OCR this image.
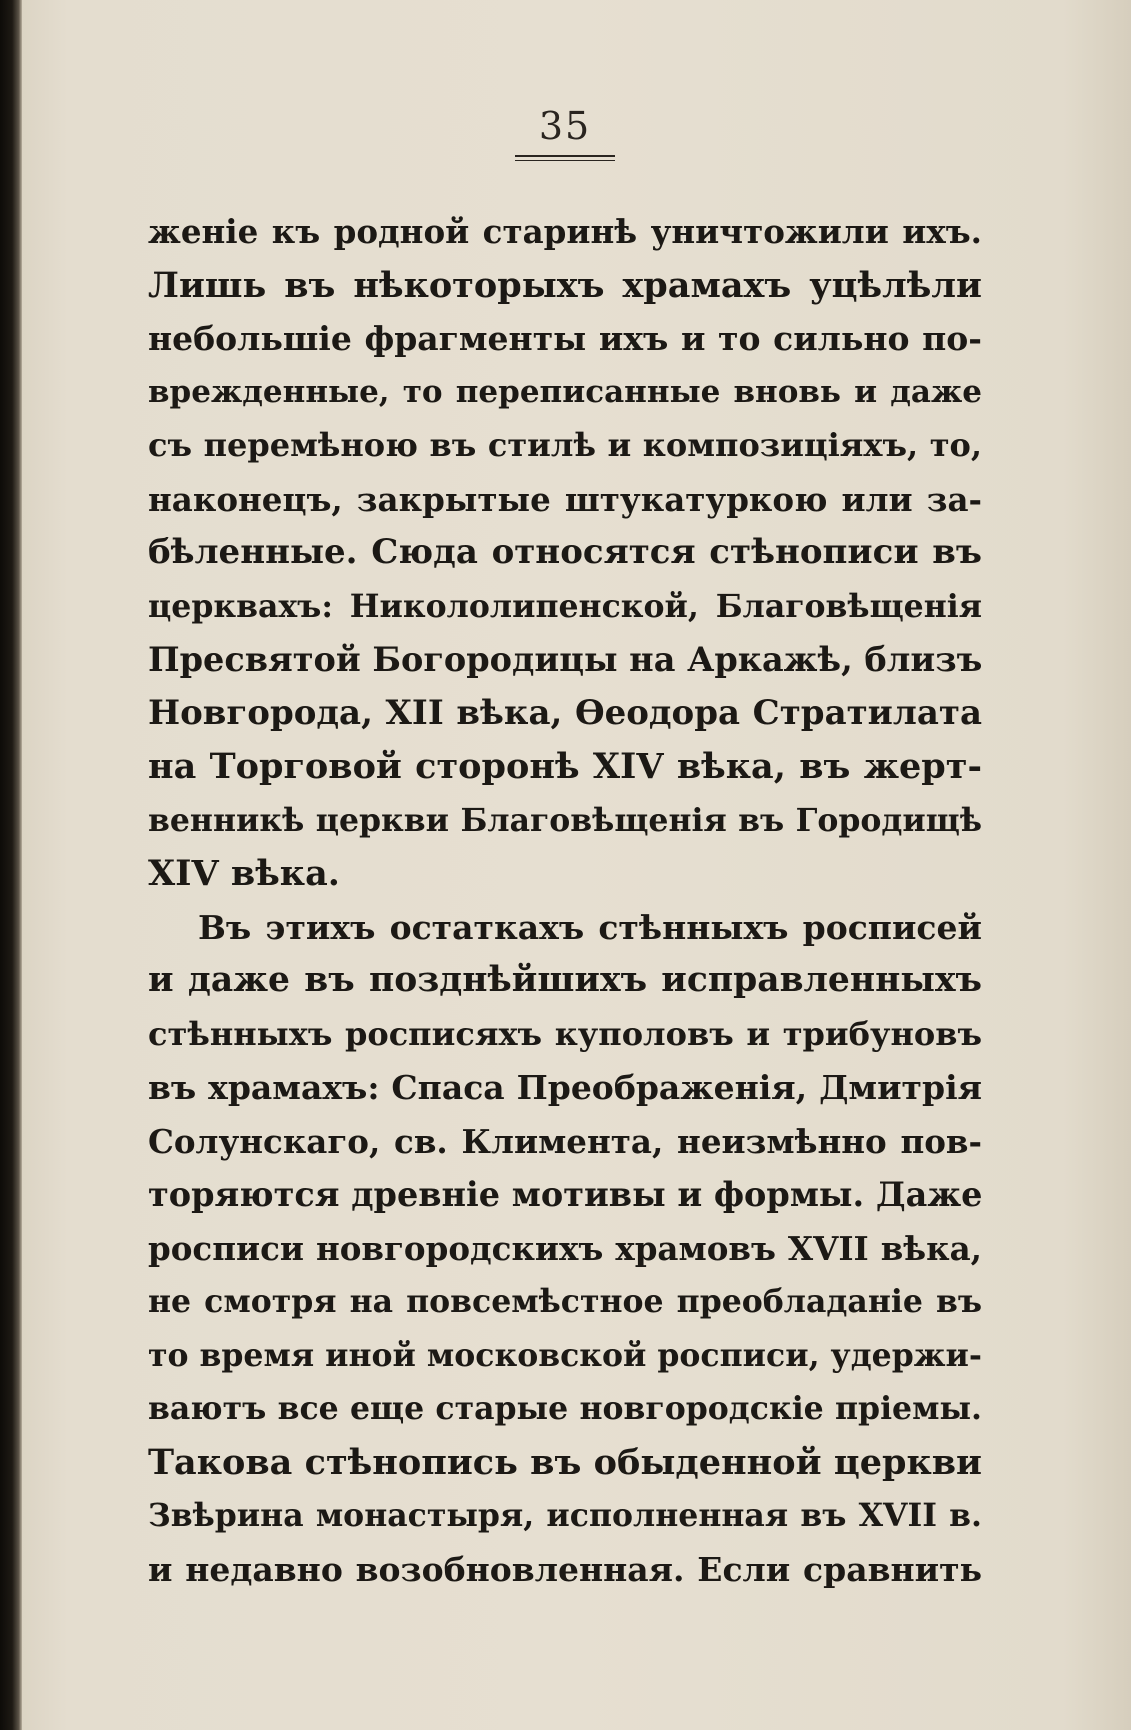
35
женіе къ родной старинѣ уничтожили ихъ.
Лишь въ нѣкоторыхъ храмахъ уцѣлѣли
небольшіе фрагменты ихъ и то сильно по-
врежденные, то переписанные вновь и даже
съ перемѣною въ стилѣ и композиціяхъ, то,
наконецъ, закрытые штукатуркою или за-
бѣленные. Сюда относятся стѣнописи въ
церквахъ: Никололипенской, Благовѣщенія
Пресвятой Богородицы на Аркажѣ, близъ
Новгорода, XII вѣка, Ѳеодора Стратилата
на Торговой сторонѣ XIV вѣка, въ жерт-
венникѣ церкви Благовѣщенія въ Городищѣ
XIV вѣка.
Въ этихъ остаткахъ стѣнныхъ росписей
и даже въ позднѣйшихъ исправленныхъ
стѣнныхъ росписяхъ куполовъ и трибуновъ
въ храмахъ: Спаса Преображенія, Дмитрія
Солунскаго, св. Климента, неизмѣнно пов-
торяются древніе мотивы и формы. Даже
росписи новгородскихъ храмовъ XVII вѣка,
не смотря на повсемѣстное преобладаніе въ
то время иной московской росписи, удержи-
ваютъ все еще старые новгородскіе пріемы.
Такова стѣнопись въ обыденной церкви
Звѣрина монастыря, исполненная въ XVII в.
и недавно возобновленная. Если сравнить
